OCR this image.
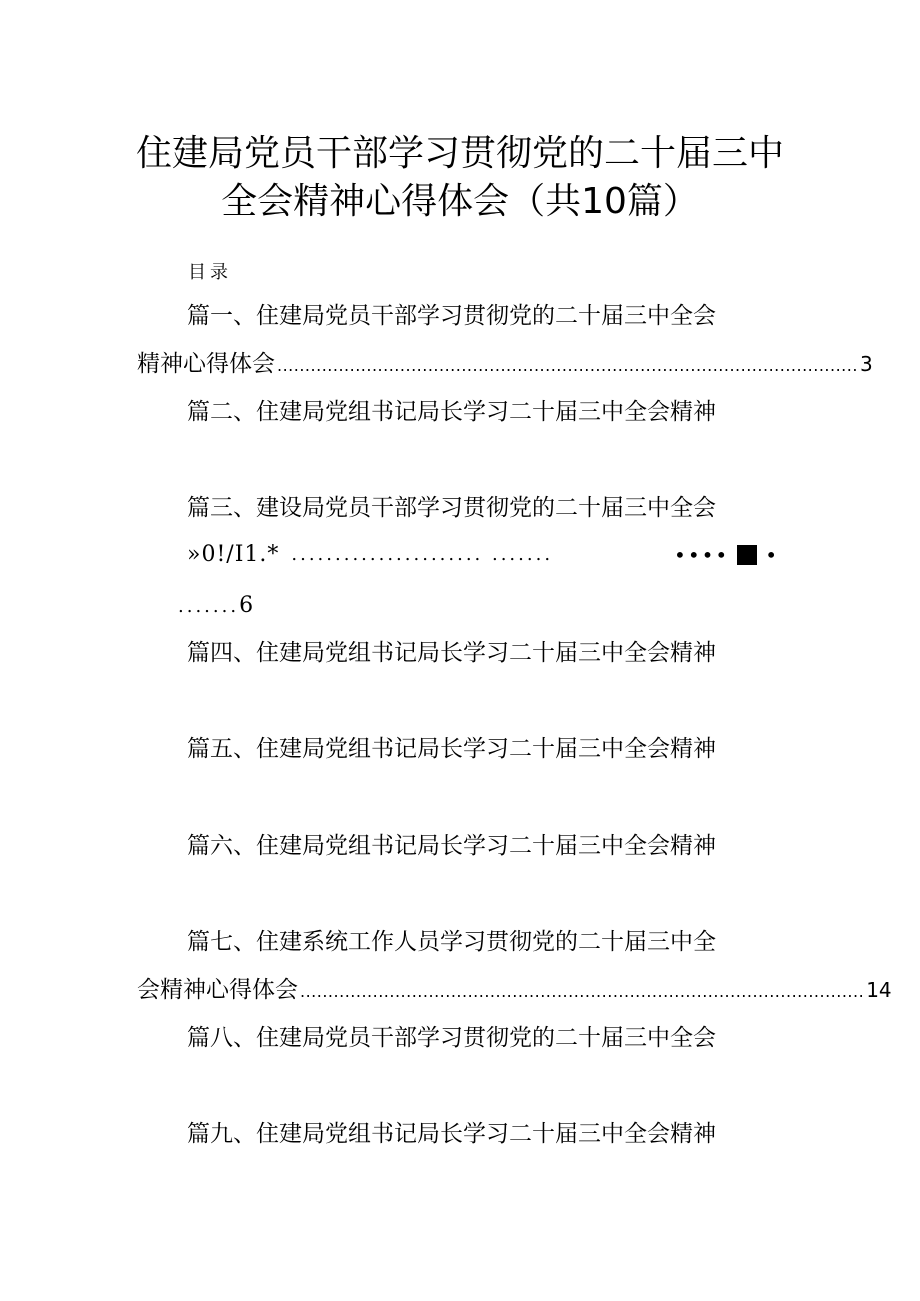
住建局党员干部学习贯彻党的二十届三中
全会精神心得体会（共10篇）
目录
篇一、住建局党员干部学习贯彻党的二十届三中全会
精神心得体会 ........................................................................................................ 3
篇二、住建局党组书记局长学习二十届三中全会精神
篇三、建设局党员干部学习贯彻党的二十届三中全会
»0!/I1.* ...................... .......	•••• •
.......6
篇四、住建局党组书记局长学习二十届三中全会精神
篇五、住建局党组书记局长学习二十届三中全会精神
篇六、住建局党组书记局长学习二十届三中全会精神
篇七、住建系统工作人员学习贯彻党的二十届三中全
会精神心得体会 ..................................................................................................... 14
篇八、住建局党员干部学习贯彻党的二十届三中全会
篇九、住建局党组书记局长学习二十届三中全会精神
